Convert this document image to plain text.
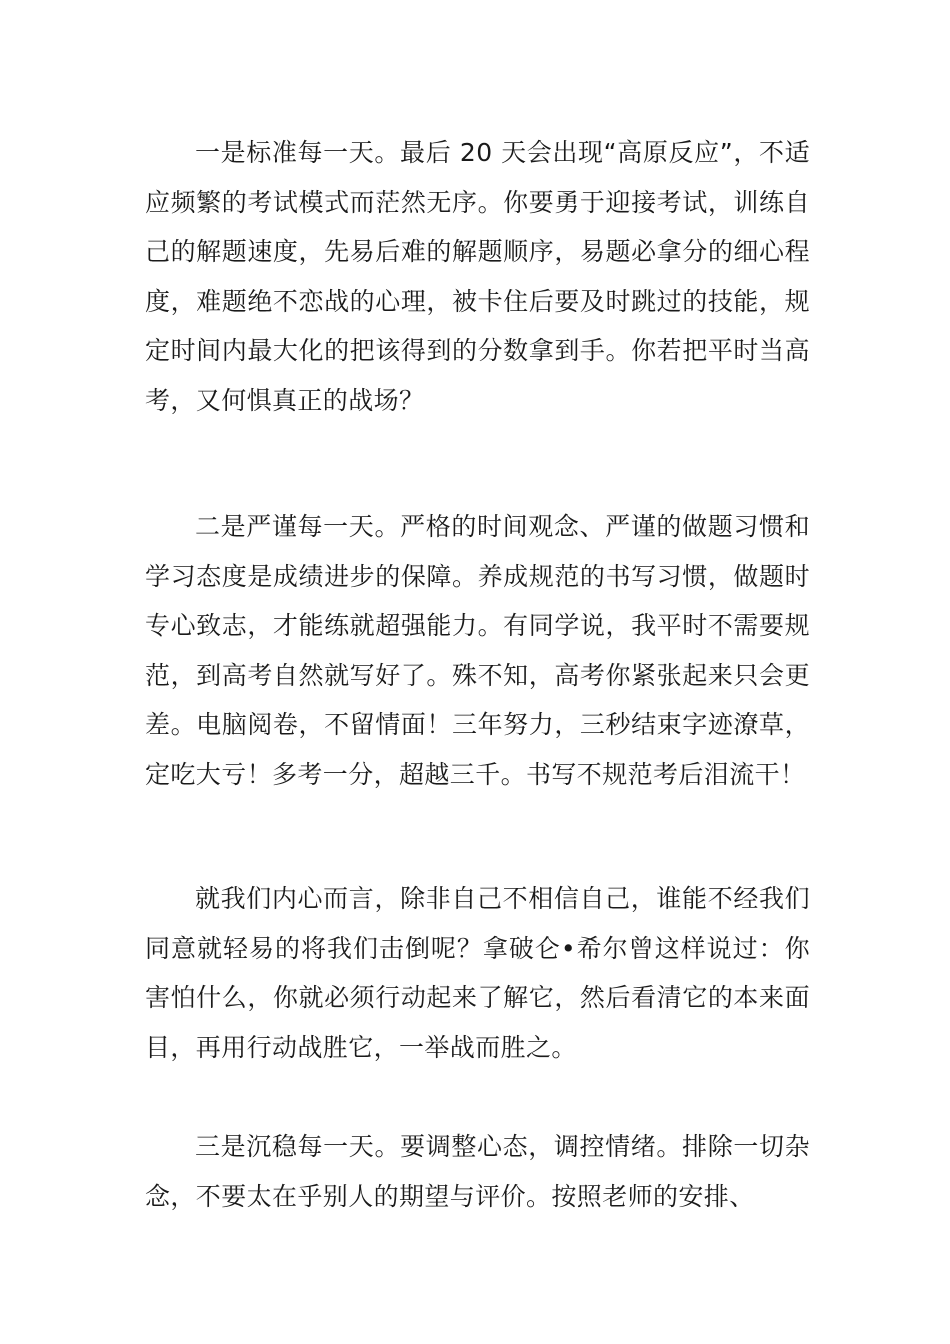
一是标准每一天。最后 20 天会出现“高原反应”，不适应频繁的考试模式而茫然无序。你要勇于迎接考试，训练自己的解题速度，先易后难的解题顺序，易题必拿分的细心程度，难题绝不恋战的心理，被卡住后要及时跳过的技能，规定时间内最大化的把该得到的分数拿到手。你若把平时当高考，又何惧真正的战场？

二是严谨每一天。严格的时间观念、严谨的做题习惯和学习态度是成绩进步的保障。养成规范的书写习惯，做题时专心致志，才能练就超强能力。有同学说，我平时不需要规范，到高考自然就写好了。殊不知，高考你紧张起来只会更差。电脑阅卷，不留情面！三年努力，三秒结束字迹潦草，定吃大亏！多考一分，超越三千。书写不规范考后泪流干！

就我们内心而言，除非自己不相信自己，谁能不经我们同意就轻易的将我们击倒呢？拿破仑•希尔曾这样说过：你害怕什么，你就必须行动起来了解它，然后看清它的本来面目，再用行动战胜它，一举战而胜之。

三是沉稳每一天。要调整心态，调控情绪。排除一切杂念，不要太在乎别人的期望与评价。按照老师的安排、
